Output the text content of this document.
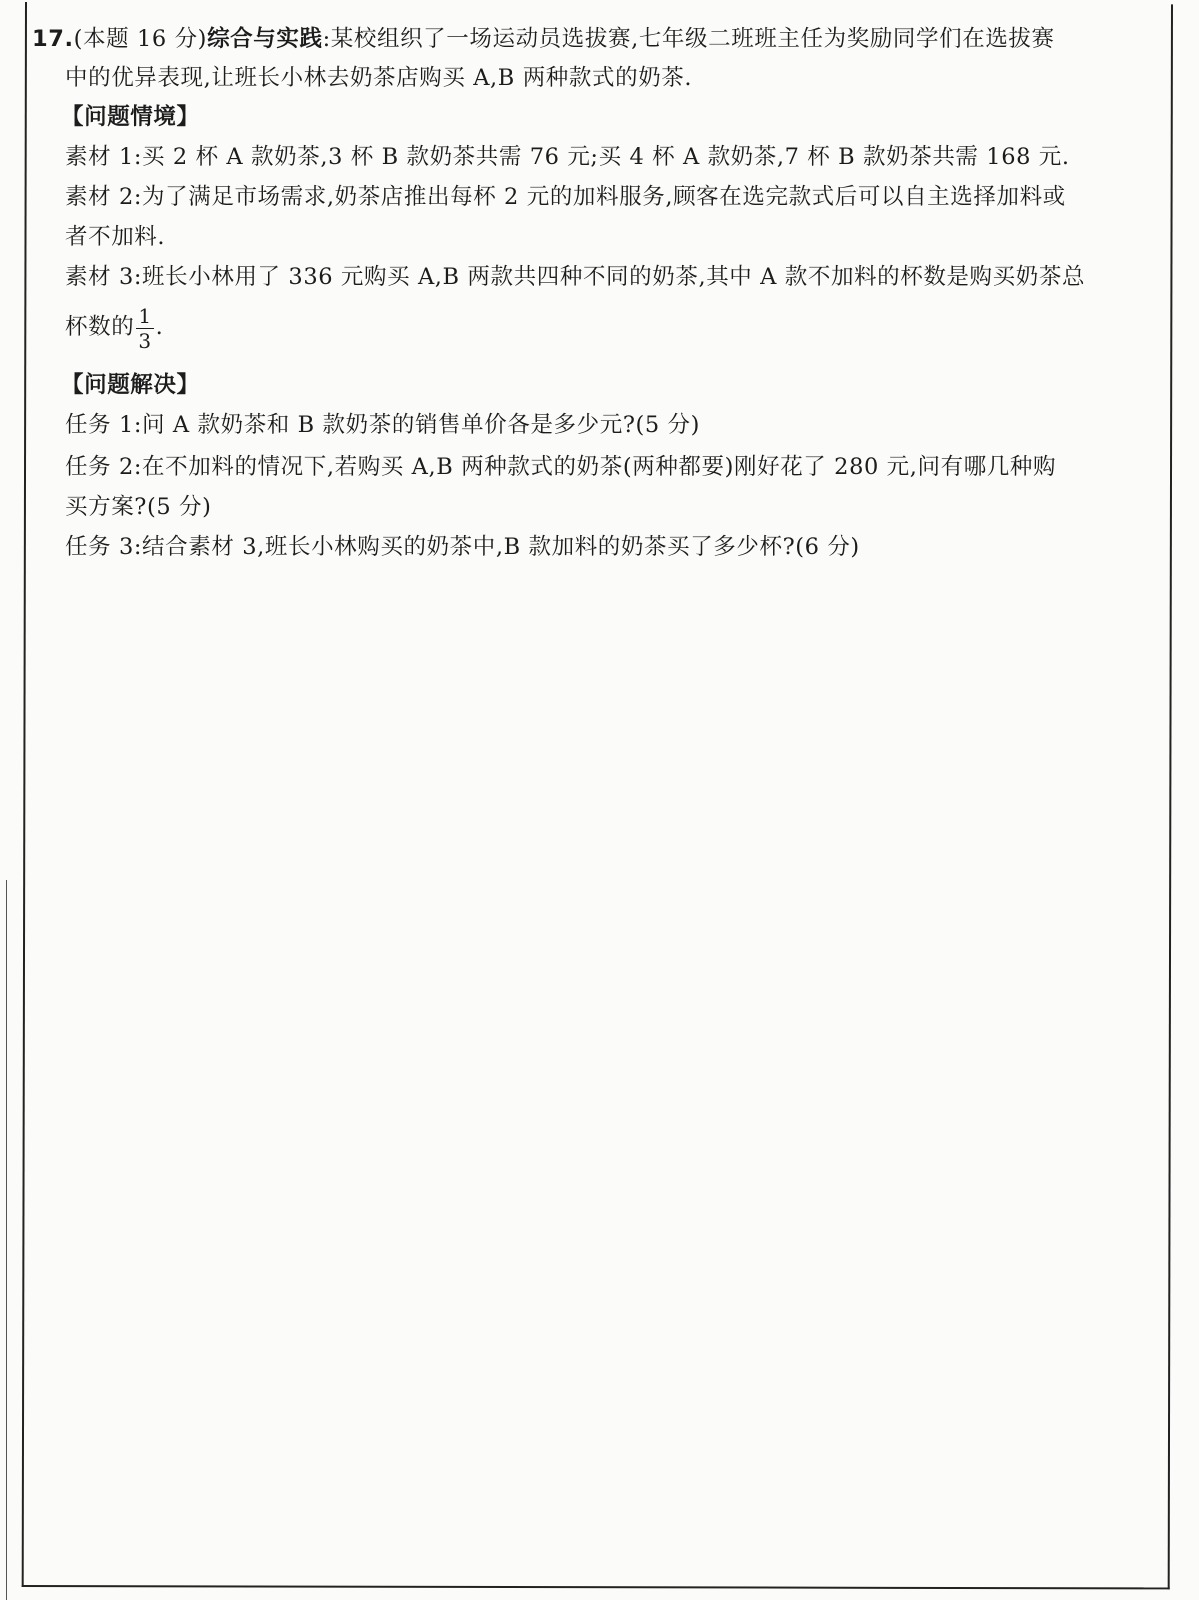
17.(本题 16 分)综合与实践:某校组织了一场运动员选拔赛,七年级二班班主任为奖励同学们在选拔赛
中的优异表现,让班长小林去奶茶店购买 A,B 两种款式的奶茶.
【问题情境】
素材 1:买 2 杯 A 款奶茶,3 杯 B 款奶茶共需 76 元;买 4 杯 A 款奶茶,7 杯 B 款奶茶共需 168 元.
素材 2:为了满足市场需求,奶茶店推出每杯 2 元的加料服务,顾客在选完款式后可以自主选择加料或
者不加料.
素材 3:班长小林用了 336 元购买 A,B 两款共四种不同的奶茶,其中 A 款不加料的杯数是购买奶茶总
杯数的 $\frac{1}{3}$ .
【问题解决】
任务 1:问 A 款奶茶和 B 款奶茶的销售单价各是多少元?(5 分)
任务 2:在不加料的情况下,若购买 A,B 两种款式的奶茶(两种都要)刚好花了 280 元,问有哪几种购
买方案?(5 分)
任务 3:结合素材 3,班长小林购买的奶茶中,B 款加料的奶茶买了多少杯?(6 分)
